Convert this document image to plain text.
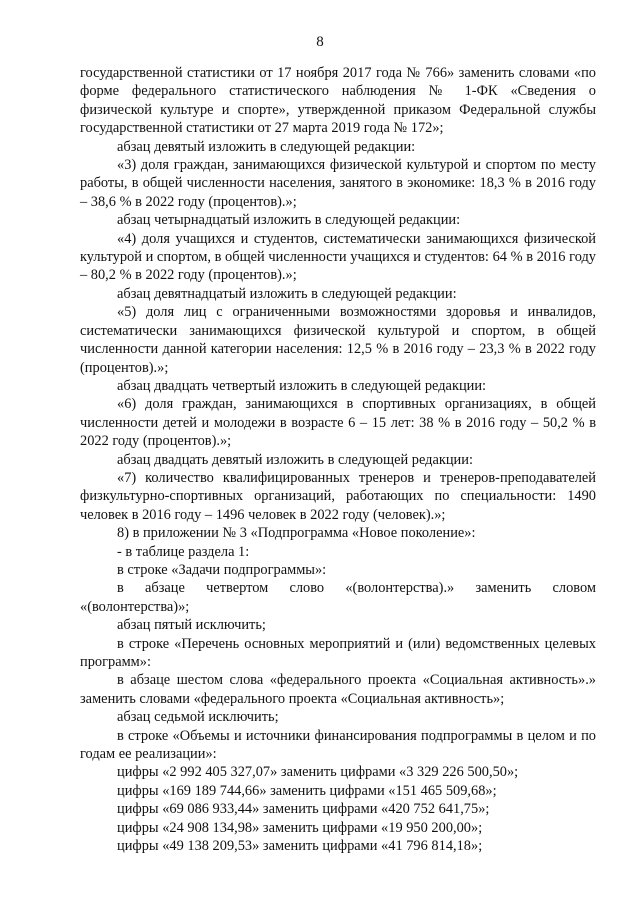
8

государственной статистики от 17 ноября 2017 года № 766» заменить словами «по форме федерального статистического наблюдения № 1-ФК «Сведения о физической культуре и спорте», утвержденной приказом Федеральной службы государственной статистики от 27 марта 2019 года № 172»;

абзац девятый изложить в следующей редакции:

«3) доля граждан, занимающихся физической культурой и спортом по месту работы, в общей численности населения, занятого в экономике: 18,3 % в 2016 году – 38,6 % в 2022 году (процентов).»;

абзац четырнадцатый изложить в следующей редакции:

«4) доля учащихся и студентов, систематически занимающихся физической культурой и спортом, в общей численности учащихся и студентов: 64 % в 2016 году – 80,2 % в 2022 году (процентов).»;

абзац девятнадцатый изложить в следующей редакции:

«5) доля лиц с ограниченными возможностями здоровья и инвалидов, систематически занимающихся физической культурой и спортом, в общей численности данной категории населения: 12,5 % в 2016 году – 23,3 % в 2022 году (процентов).»;

абзац двадцать четвертый изложить в следующей редакции:

«6) доля граждан, занимающихся в спортивных организациях, в общей численности детей и молодежи в возрасте 6 – 15 лет: 38 % в 2016 году – 50,2 % в 2022 году (процентов).»;

абзац двадцать девятый изложить в следующей редакции:

«7) количество квалифицированных тренеров и тренеров-преподавателей физкультурно-спортивных организаций, работающих по специальности: 1490 человек в 2016 году – 1496 человек в 2022 году (человек).»;

8) в приложении № 3 «Подпрограмма «Новое поколение»:

- в таблице раздела 1:

в строке «Задачи подпрограммы»:

в абзаце четвертом слово «(волонтерства).» заменить словом «(волонтерства)»;

абзац пятый исключить;

в строке «Перечень основных мероприятий и (или) ведомственных целевых программ»:

в абзаце шестом слова «федерального проекта «Социальная активность».» заменить словами «федерального проекта «Социальная активность»;

абзац седьмой исключить;

в строке «Объемы и источники финансирования подпрограммы в целом и по годам ее реализации»:

цифры «2 992 405 327,07» заменить цифрами «3 329 226 500,50»;

цифры «169 189 744,66» заменить цифрами «151 465 509,68»;

цифры «69 086 933,44» заменить цифрами «420 752 641,75»;

цифры «24 908 134,98» заменить цифрами «19 950 200,00»;

цифры «49 138 209,53» заменить цифрами «41 796 814,18»;
